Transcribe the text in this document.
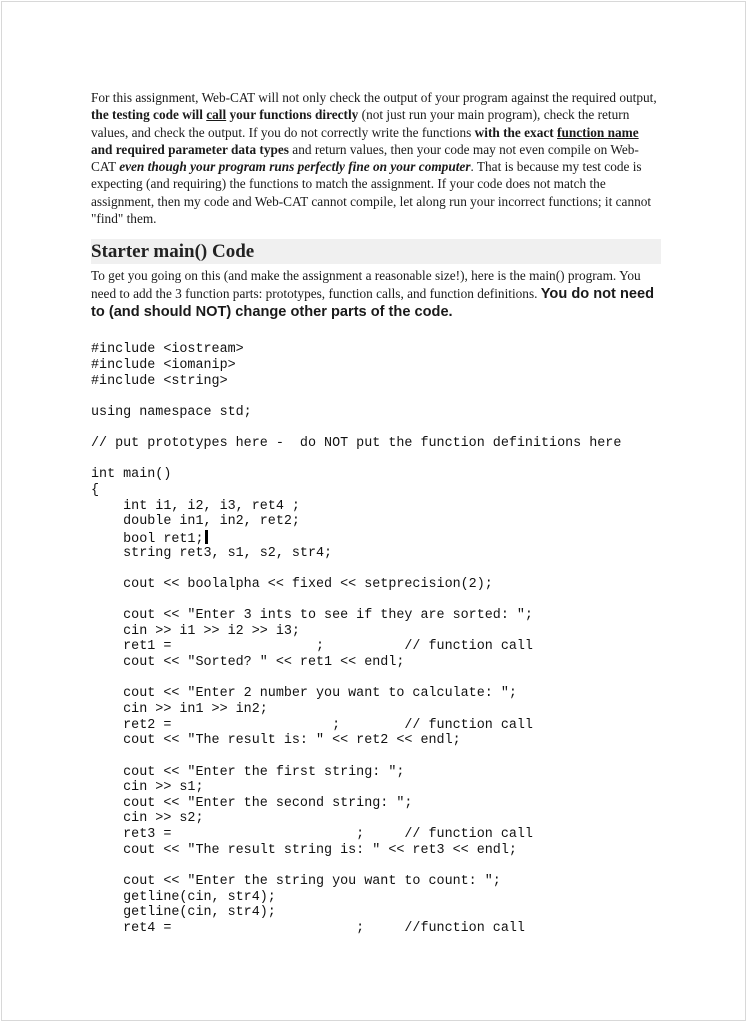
For this assignment, Web-CAT will not only check the output of your program against the required output, the testing code will call your functions directly (not just run your main program), check the return values, and check the output. If you do not correctly write the functions with the exact function name and required parameter data types and return values, then your code may not even compile on Web-CAT even though your program runs perfectly fine on your computer. That is because my test code is expecting (and requiring) the functions to match the assignment. If your code does not match the assignment, then my code and Web-CAT cannot compile, let along run your incorrect functions; it cannot "find" them.

Starter main() Code

To get you going on this (and make the assignment a reasonable size!), here is the main() program. You need to add the 3 function parts: prototypes, function calls, and function definitions. You do not need to (and should NOT) change other parts of the code.

#include <iostream>
#include <iomanip>
#include <string>
using namespace std;
// put prototypes here -  do NOT put the function definitions here
int main()
{
int i1, i2, i3, ret4 ;
double in1, in2, ret2;
bool ret1;
string ret3, s1, s2, str4;
cout << boolalpha << fixed << setprecision(2);
cout << "Enter 3 ints to see if they are sorted: ";
cin >> i1 >> i2 >> i3;
ret1 =                  ;          // function call
cout << "Sorted? " << ret1 << endl;
cout << "Enter 2 number you want to calculate: ";
cin >> in1 >> in2;
ret2 =                    ;        // function call
cout << "The result is: " << ret2 << endl;
cout << "Enter the first string: ";
cin >> s1;
cout << "Enter the second string: ";
cin >> s2;
ret3 =                       ;     // function call
cout << "The result string is: " << ret3 << endl;
cout << "Enter the string you want to count: ";
getline(cin, str4);
getline(cin, str4);
ret4 =                       ;     //function call
